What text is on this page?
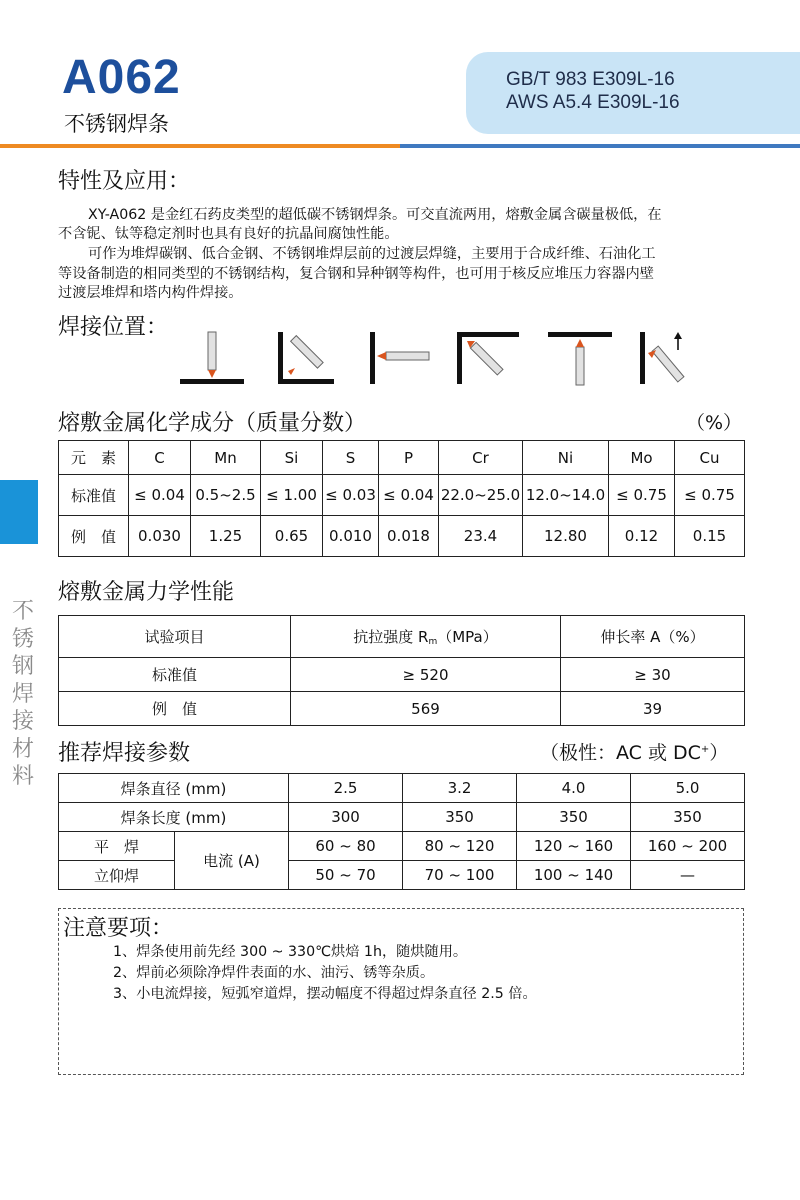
A062
不锈钢焊条
GB/T 983 E309L-16
AWS A5.4 E309L-16
不锈钢焊接材料
特性及应用：
XY-A062 是金红石药皮类型的超低碳不锈钢焊条。可交直流两用，熔敷金属含碳量极低，在
不含铌、钛等稳定剂时也具有良好的抗晶间腐蚀性能。
可作为堆焊碳钢、低合金钢、不锈钢堆焊层前的过渡层焊缝，主要用于合成纤维、石油化工
等设备制造的相同类型的不锈钢结构，复合钢和异种钢等构件，也可用于核反应堆压力容器内壁
过渡层堆焊和塔内构件焊接。
焊接位置：
熔敷金属化学成分（质量分数）	（%）
元　素	C	Mn	Si	S	P	Cr	Ni	Mo	Cu
标准值	≤ 0.04	0.5~2.5	≤ 1.00	≤ 0.03	≤ 0.04	22.0~25.0	12.0~14.0	≤ 0.75	≤ 0.75
例　值	0.030	1.25	0.65	0.010	0.018	23.4	12.80	0.12	0.15
熔敷金属力学性能
试验项目	抗拉强度 $R_m(MPa)$	伸长率 A（%）
标准值	≥ 520	≥ 30
例　值	569	39
推荐焊接参数	（极性：AC 或 DC+）
焊条直径 (mm)		2.5	3.2	4.0	5.0
焊条长度 (mm)		300	350	350	350
平　焊	电流 (A)	60 ~ 80	80 ~ 120	120 ~ 160	160 ~ 200
立仰焊		50 ~ 70	70 ~ 100	100 ~ 140	—
注意要项：
1、焊条使用前先经 300 ~ 330℃烘焙 1h，随烘随用。
2、焊前必须除净焊件表面的水、油污、锈等杂质。
3、小电流焊接，短弧窄道焊，摆动幅度不得超过焊条直径 2.5 倍。
